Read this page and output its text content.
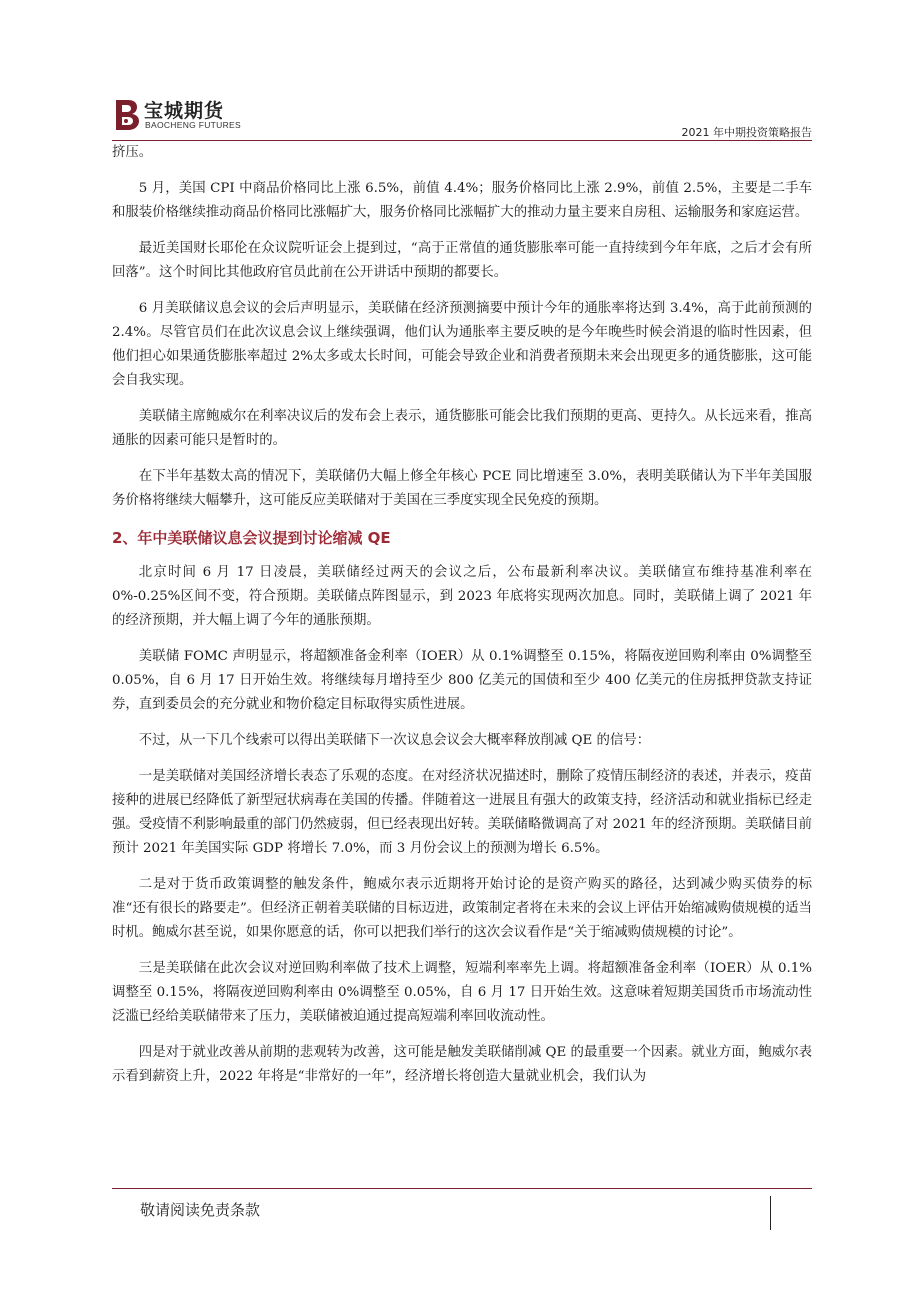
宝城期货
BAOCHENG FUTURES
2021 年中期投资策略报告

挤压。

5 月，美国 CPI 中商品价格同比上涨 6.5%，前值 4.4%；服务价格同比上涨 2.9%，前值 2.5%，主要是二手车和服装价格继续推动商品价格同比涨幅扩大，服务价格同比涨幅扩大的推动力量主要来自房租、运输服务和家庭运营。

最近美国财长耶伦在众议院听证会上提到过，“高于正常值的通货膨胀率可能一直持续到今年年底，之后才会有所回落”。这个时间比其他政府官员此前在公开讲话中预期的都要长。

6 月美联储议息会议的会后声明显示，美联储在经济预测摘要中预计今年的通胀率将达到 3.4%，高于此前预测的 2.4%。尽管官员们在此次议息会议上继续强调，他们认为通胀率主要反映的是今年晚些时候会消退的临时性因素，但他们担心如果通货膨胀率超过 2%太多或太长时间，可能会导致企业和消费者预期未来会出现更多的通货膨胀，这可能会自我实现。

美联储主席鲍威尔在利率决议后的发布会上表示，通货膨胀可能会比我们预期的更高、更持久。从长远来看，推高通胀的因素可能只是暂时的。

在下半年基数太高的情况下，美联储仍大幅上修全年核心 PCE 同比增速至 3.0%，表明美联储认为下半年美国服务价格将继续大幅攀升，这可能反应美联储对于美国在三季度实现全民免疫的预期。

2、年中美联储议息会议提到讨论缩减 QE

北京时间 6 月 17 日凌晨，美联储经过两天的会议之后，公布最新利率决议。美联储宣布维持基准利率在 0%-0.25%区间不变，符合预期。美联储点阵图显示，到 2023 年底将实现两次加息。同时，美联储上调了 2021 年的经济预期，并大幅上调了今年的通胀预期。

美联储 FOMC 声明显示，将超额准备金利率（IOER）从 0.1%调整至 0.15%，将隔夜逆回购利率由 0%调整至 0.05%，自 6 月 17 日开始生效。将继续每月增持至少 800 亿美元的国债和至少 400 亿美元的住房抵押贷款支持证券，直到委员会的充分就业和物价稳定目标取得实质性进展。

不过，从一下几个线索可以得出美联储下一次议息会议会大概率释放削减 QE 的信号：

一是美联储对美国经济增长表态了乐观的态度。在对经济状况描述时，删除了疫情压制经济的表述，并表示，疫苗接种的进展已经降低了新型冠状病毒在美国的传播。伴随着这一进展且有强大的政策支持，经济活动和就业指标已经走强。受疫情不利影响最重的部门仍然疲弱，但已经表现出好转。美联储略微调高了对 2021 年的经济预期。美联储目前预计 2021 年美国实际 GDP 将增长 7.0%，而 3 月份会议上的预测为增长 6.5%。

二是对于货币政策调整的触发条件，鲍威尔表示近期将开始讨论的是资产购买的路径，达到减少购买债券的标准“还有很长的路要走”。但经济正朝着美联储的目标迈进，政策制定者将在未来的会议上评估开始缩减购债规模的适当时机。鲍威尔甚至说，如果你愿意的话，你可以把我们举行的这次会议看作是“关于缩减购债规模的讨论”。

三是美联储在此次会议对逆回购利率做了技术上调整，短端利率率先上调。将超额准备金利率（IOER）从 0.1%调整至 0.15%，将隔夜逆回购利率由 0%调整至 0.05%，自 6 月 17 日开始生效。这意味着短期美国货币市场流动性泛滥已经给美联储带来了压力，美联储被迫通过提高短端利率回收流动性。

四是对于就业改善从前期的悲观转为改善，这可能是触发美联储削减 QE 的最重要一个因素。就业方面，鲍威尔表示看到薪资上升，2022 年将是“非常好的一年”，经济增长将创造大量就业机会，我们认为

敬请阅读免责条款
